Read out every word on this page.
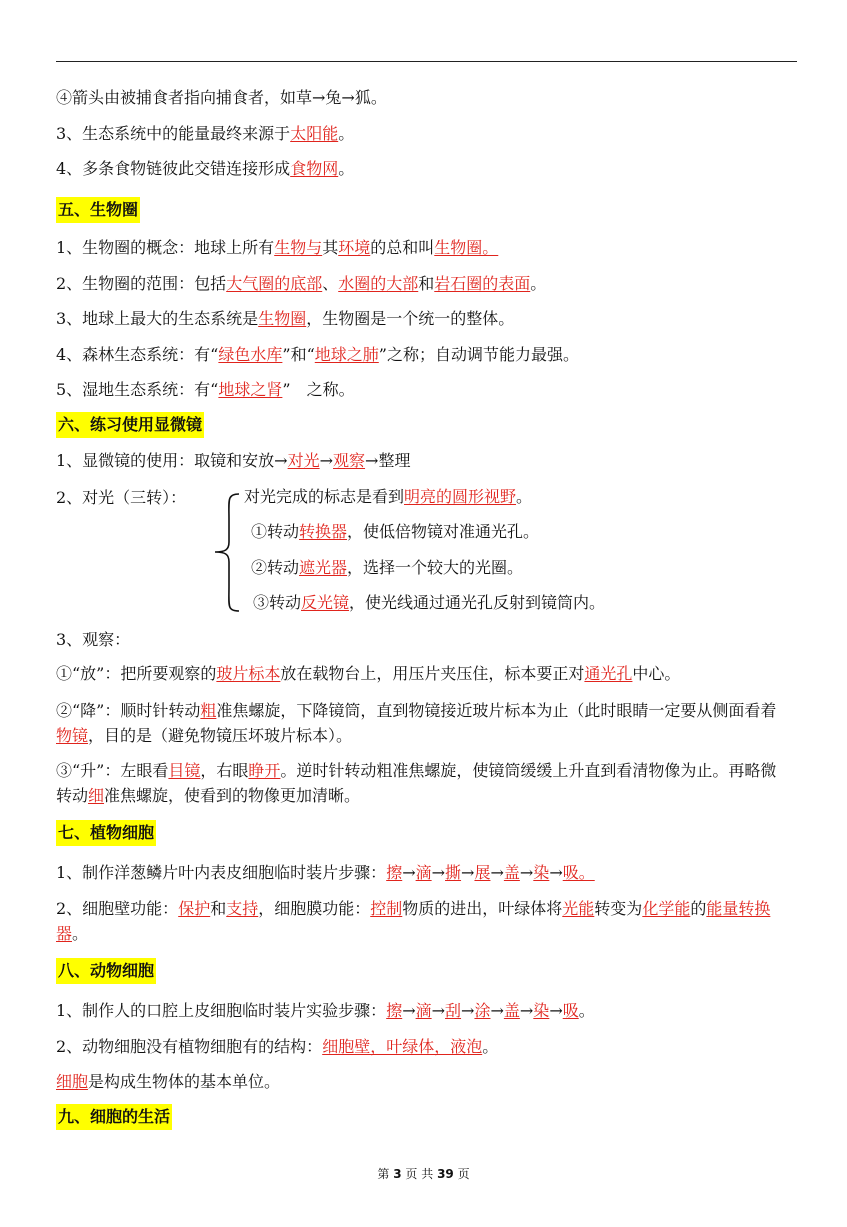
④箭头由被捕食者指向捕食者，如草→兔→狐。
3、生态系统中的能量最终来源于太阳能。
4、多条食物链彼此交错连接形成食物网。
五、生物圈
1、生物圈的概念：地球上所有生物与其环境的总和叫生物圈。
2、生物圈的范围：包括大气圈的底部、水圈的大部和岩石圈的表面。
3、地球上最大的生态系统是生物圈，生物圈是一个统一的整体。
4、森林生态系统：有“绿色水库”和“地球之肺”之称；自动调节能力最强。
5、湿地生态系统：有“地球之肾”　之称。
六、练习使用显微镜
1、显微镜的使用：取镜和安放→对光→观察→整理
2、对光（三转）：	对光完成的标志是看到明亮的圆形视野。
①转动转换器，使低倍物镜对准通光孔。
②转动遮光器，选择一个较大的光圈。
③转动反光镜，使光线通过通光孔反射到镜筒内。
3、观察：
①“放”：把所要观察的玻片标本放在载物台上，用压片夹压住，标本要正对通光孔中心。
②“降”：顺时针转动粗准焦螺旋，下降镜筒，直到物镜接近玻片标本为止（此时眼睛一定要从侧面看着物镜，目的是（避免物镜压坏玻片标本）。
③“升”：左眼看目镜，右眼睁开。逆时针转动粗准焦螺旋，使镜筒缓缓上升直到看清物像为止。再略微转动细准焦螺旋，使看到的物像更加清晰。
七、植物细胞
1、制作洋葱鳞片叶内表皮细胞临时装片步骤：擦→滴→撕→展→盖→染→吸。
2、细胞壁功能：保护和支持，细胞膜功能：控制物质的进出，叶绿体将光能转变为化学能的能量转换器。
八、动物细胞
1、制作人的口腔上皮细胞临时装片实验步骤：擦→滴→刮→涂→盖→染→吸。
2、动物细胞没有植物细胞有的结构：细胞壁，叶绿体，液泡。
细胞是构成生物体的基本单位。
九、细胞的生活
第 3 页 共 39 页
